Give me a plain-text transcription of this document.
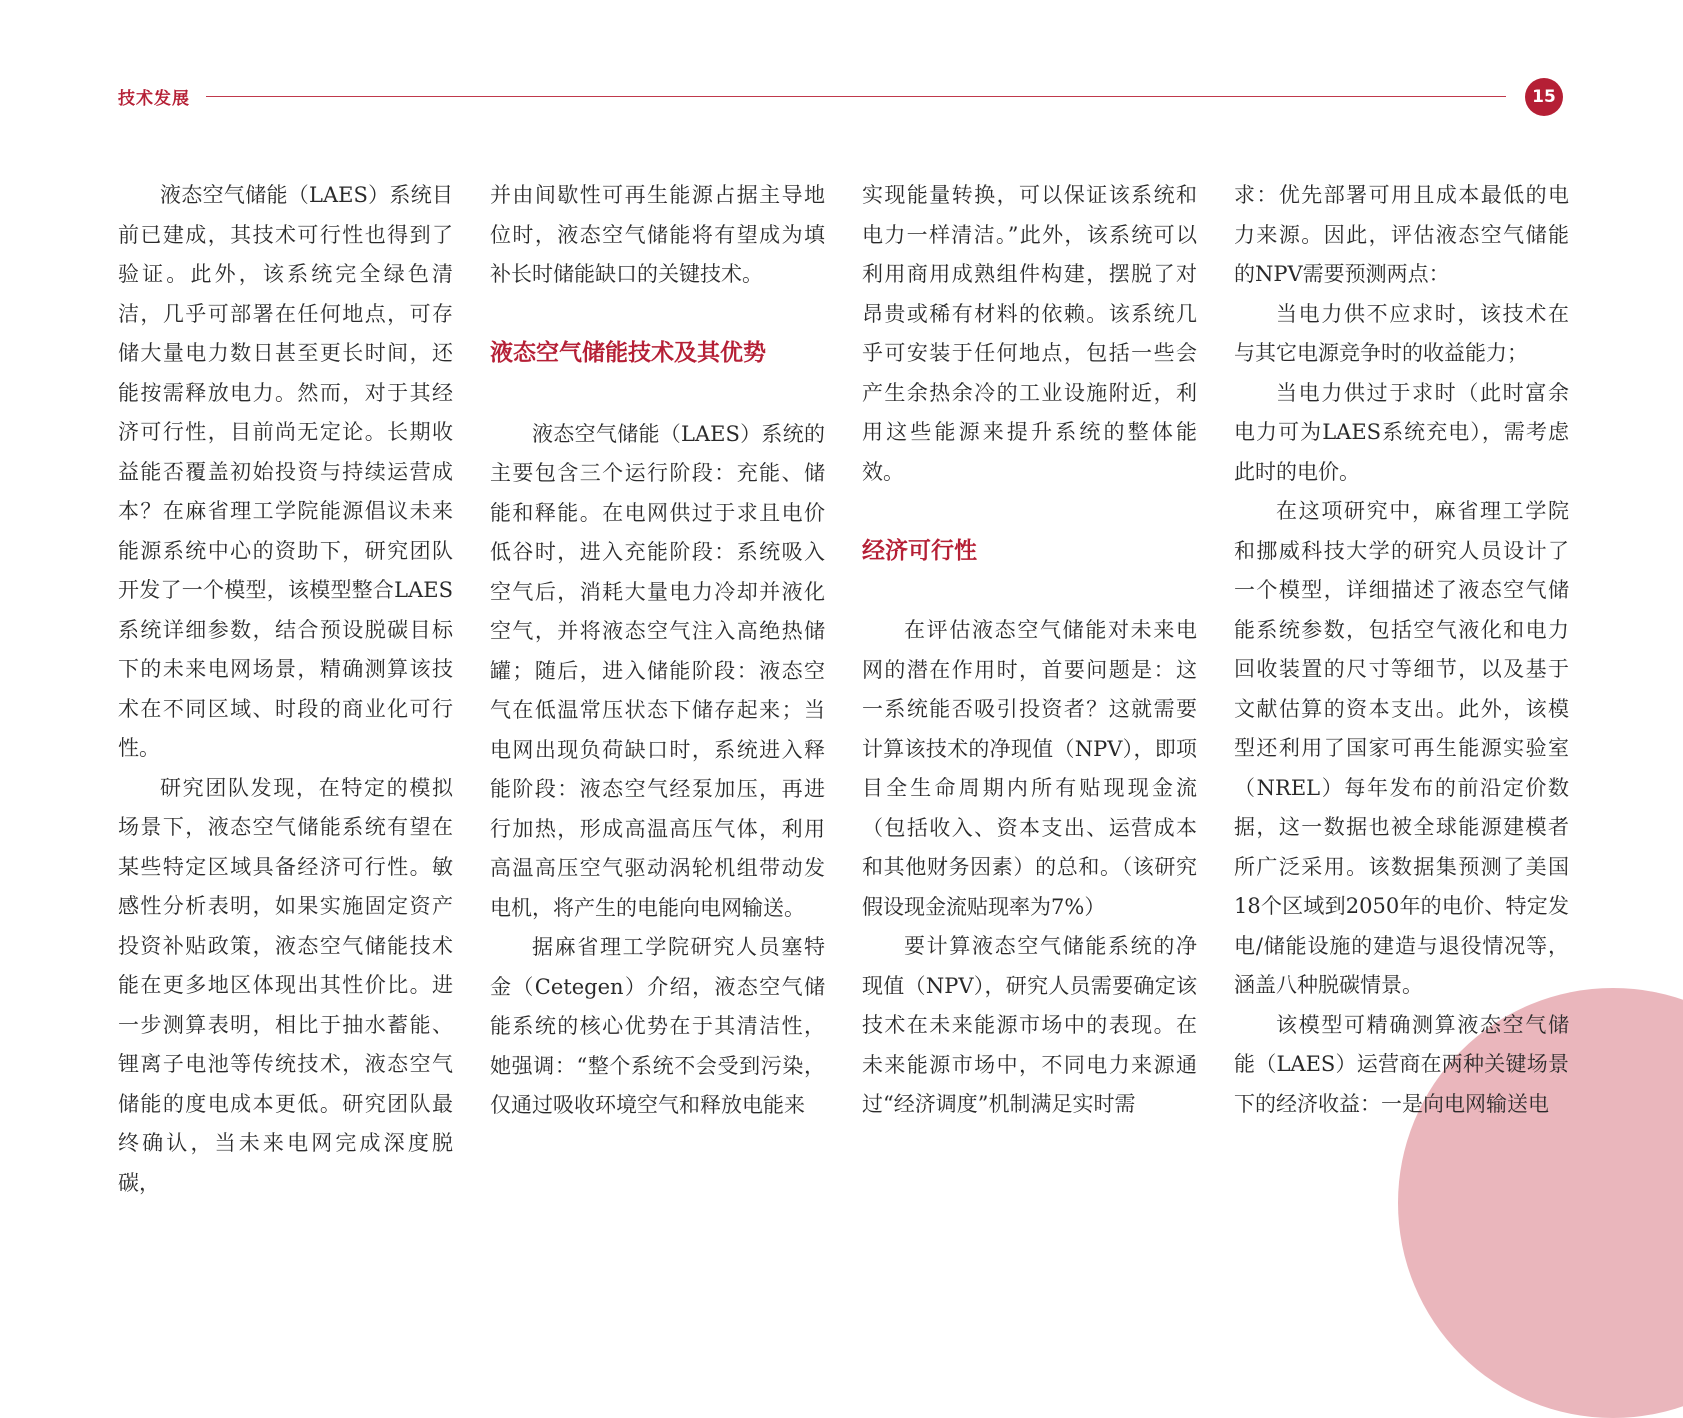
技术发展	15

液态空气储能（LAES）系统目前已建成，其技术可行性也得到了验证。此外，该系统完全绿色清洁，几乎可部署在任何地点，可存储大量电力数日甚至更长时间，还能按需释放电力。然而，对于其经济可行性，目前尚无定论。长期收益能否覆盖初始投资与持续运营成本？在麻省理工学院能源倡议未来能源系统中心的资助下，研究团队开发了一个模型，该模型整合LAES系统详细参数，结合预设脱碳目标下的未来电网场景，精确测算该技术在不同区域、时段的商业化可行性。

研究团队发现，在特定的模拟场景下，液态空气储能系统有望在某些特定区域具备经济可行性。敏感性分析表明，如果实施固定资产投资补贴政策，液态空气储能技术能在更多地区体现出其性价比。进一步测算表明，相比于抽水蓄能、锂离子电池等传统技术，液态空气储能的度电成本更低。研究团队最终确认，当未来电网完成深度脱碳，

并由间歇性可再生能源占据主导地位时，液态空气储能将有望成为填补长时储能缺口的关键技术。

液态空气储能技术及其优势

液态空气储能（LAES）系统的主要包含三个运行阶段：充能、储能和释能。在电网供过于求且电价低谷时，进入充能阶段：系统吸入空气后，消耗大量电力冷却并液化空气，并将液态空气注入高绝热储罐；随后，进入储能阶段：液态空气在低温常压状态下储存起来；当电网出现负荷缺口时，系统进入释能阶段：液态空气经泵加压，再进行加热，形成高温高压气体，利用高温高压空气驱动涡轮机组带动发电机，将产生的电能向电网输送。

据麻省理工学院研究人员塞特金（Cetegen）介绍，液态空气储能系统的核心优势在于其清洁性，她强调：“整个系统不会受到污染，仅通过吸收环境空气和释放电能来

实现能量转换，可以保证该系统和电力一样清洁。”此外，该系统可以利用商用成熟组件构建，摆脱了对昂贵或稀有材料的依赖。该系统几乎可安装于任何地点，包括一些会产生余热余冷的工业设施附近，利用这些能源来提升系统的整体能效。

经济可行性

在评估液态空气储能对未来电网的潜在作用时，首要问题是：这一系统能否吸引投资者？这就需要计算该技术的净现值（NPV），即项目全生命周期内所有贴现现金流（包括收入、资本支出、运营成本和其他财务因素）的总和。（该研究假设现金流贴现率为7%）

要计算液态空气储能系统的净现值（NPV），研究人员需要确定该技术在未来能源市场中的表现。在未来能源市场中，不同电力来源通过“经济调度”机制满足实时需

求：优先部署可用且成本最低的电力来源。因此，评估液态空气储能的NPV需要预测两点：

当电力供不应求时，该技术在与其它电源竞争时的收益能力；

当电力供过于求时（此时富余电力可为LAES系统充电），需考虑此时的电价。

在这项研究中，麻省理工学院和挪威科技大学的研究人员设计了一个模型，详细描述了液态空气储能系统参数，包括空气液化和电力回收装置的尺寸等细节，以及基于文献估算的资本支出。此外，该模型还利用了国家可再生能源实验室（NREL）每年发布的前沿定价数据，这一数据也被全球能源建模者所广泛采用。该数据集预测了美国18个区域到2050年的电价、特定发电/储能设施的建造与退役情况等，涵盖八种脱碳情景。

该模型可精确测算液态空气储能（LAES）运营商在两种关键场景下的经济收益：一是向电网输送电
